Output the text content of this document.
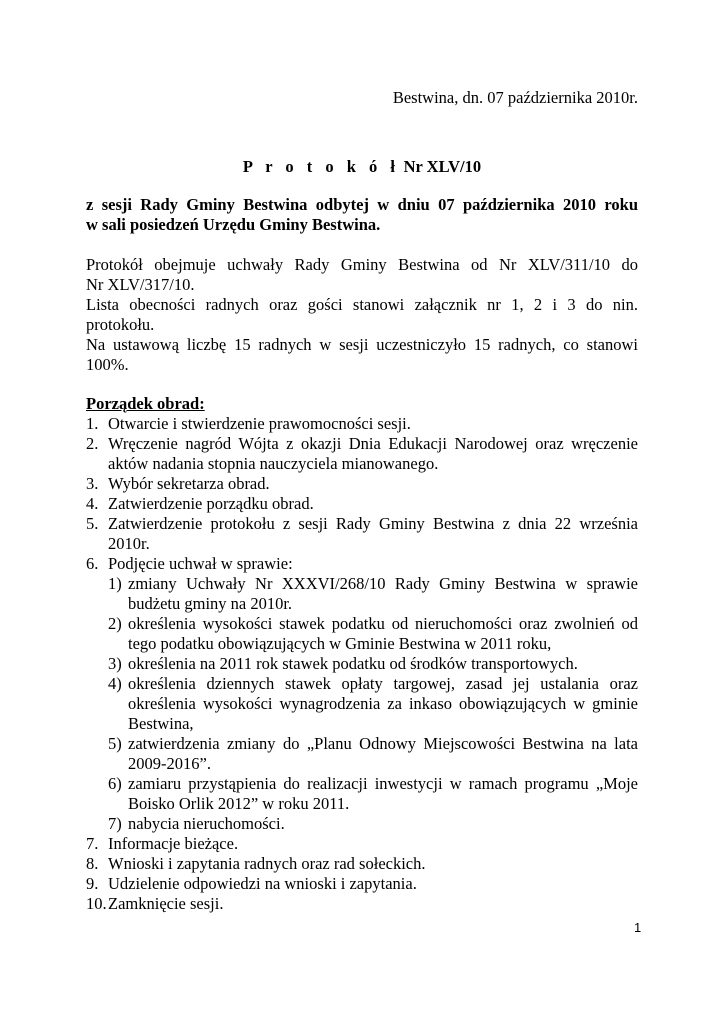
Bestwina, dn. 07 października 2010r.
P r o t o k ó ł Nr XLV/10
z sesji Rady Gminy Bestwina odbytej w dniu 07 października 2010 roku
w sali posiedzeń Urzędu Gminy Bestwina.

Protokół obejmuje uchwały Rady Gminy Bestwina od Nr XLV/311/10 do
Nr XLV/317/10.

Lista obecności radnych oraz gości stanowi załącznik nr 1, 2 i 3 do nin.
protokołu.

Na ustawową liczbę 15 radnych w sesji uczestniczyło 15 radnych, co stanowi
100%.

Porządek obrad:
1. Otwarcie i stwierdzenie prawomocności sesji.
2. Wręczenie nagród Wójta z okazji Dnia Edukacji Narodowej oraz wręczenie
aktów nadania stopnia nauczyciela mianowanego.
3. Wybór sekretarza obrad.
4. Zatwierdzenie porządku obrad.
5. Zatwierdzenie protokołu z sesji Rady Gminy Bestwina z dnia 22 września
2010r.
6. Podjęcie uchwał w sprawie:
1) zmiany Uchwały Nr XXXVI/268/10 Rady Gminy Bestwina w sprawie
budżetu gminy na 2010r.
2) określenia wysokości stawek podatku od nieruchomości oraz zwolnień od
tego podatku obowiązujących w Gminie Bestwina w 2011 roku,
3) określenia na 2011 rok stawek podatku od środków transportowych.
4) określenia dziennych stawek opłaty targowej, zasad jej ustalania oraz
określenia wysokości wynagrodzenia za inkaso obowiązujących w gminie
Bestwina,
5) zatwierdzenia zmiany do „Planu Odnowy Miejscowości Bestwina na lata
2009-2016”.
6) zamiaru przystąpienia do realizacji inwestycji w ramach programu „Moje
Boisko Orlik 2012” w roku 2011.
7) nabycia nieruchomości.
7. Informacje bieżące.
8. Wnioski i zapytania radnych oraz rad sołeckich.
9. Udzielenie odpowiedzi na wnioski i zapytania.
10. Zamknięcie sesji.
1
